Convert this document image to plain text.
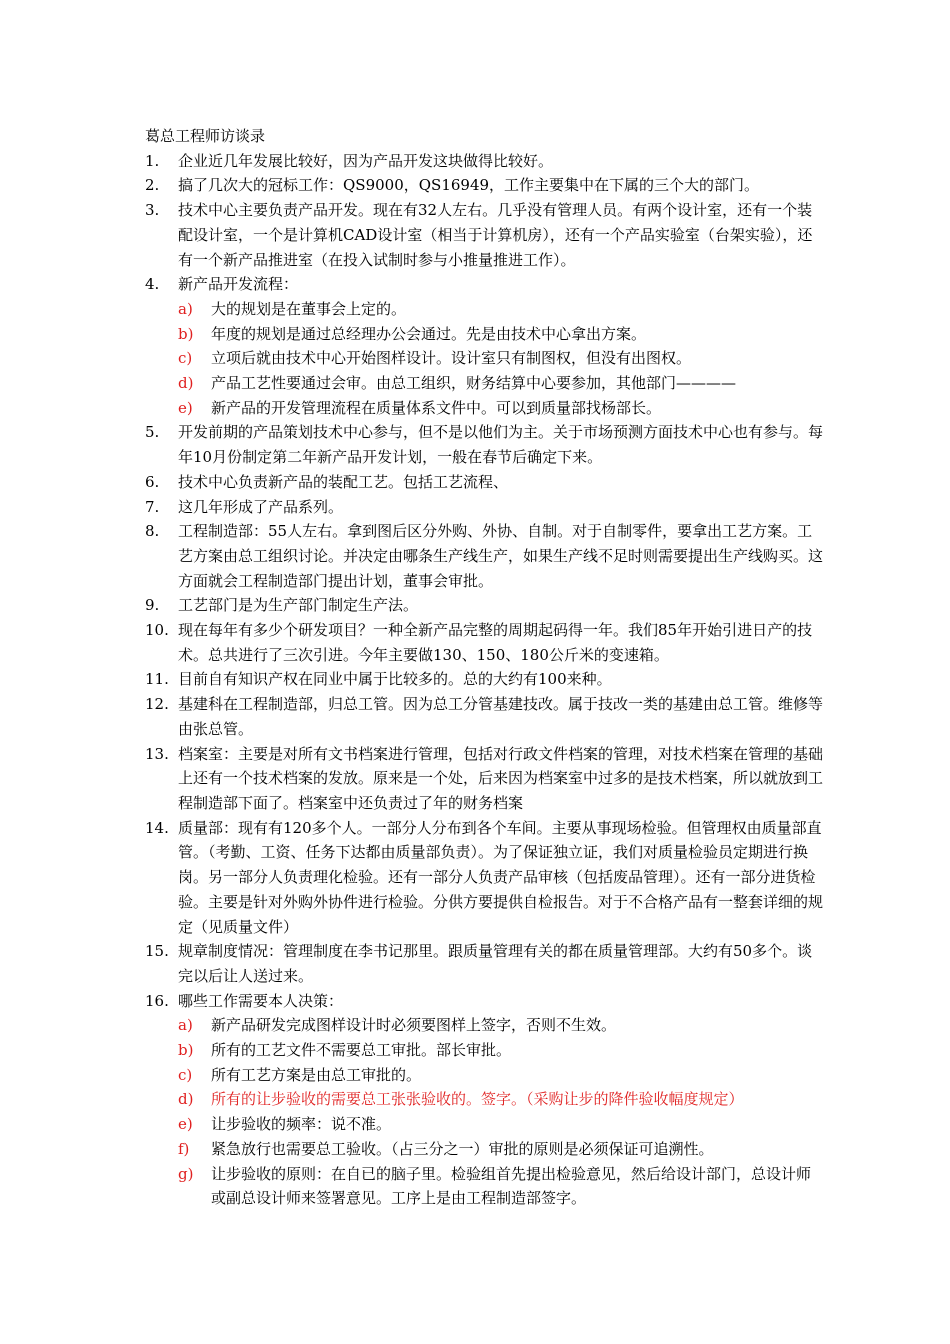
葛总工程师访谈录

1. 企业近几年发展比较好，因为产品开发这块做得比较好。
2. 搞了几次大的冠标工作：QS9000，QS16949，工作主要集中在下属的三个大的部门。
3. 技术中心主要负责产品开发。现在有32人左右。几乎没有管理人员。有两个设计室，还有一个装配设计室，一个是计算机CAD设计室（相当于计算机房），还有一个产品实验室（台架实验），还有一个新产品推进室（在投入试制时参与小推量推进工作）。
4. 新产品开发流程：
a) 大的规划是在董事会上定的。
b) 年度的规划是通过总经理办公会通过。先是由技术中心拿出方案。
c) 立项后就由技术中心开始图样设计。设计室只有制图权，但没有出图权。
d) 产品工艺性要通过会审。由总工组织，财务结算中心要参加，其他部门————
e) 新产品的开发管理流程在质量体系文件中。可以到质量部找杨部长。
5. 开发前期的产品策划技术中心参与，但不是以他们为主。关于市场预测方面技术中心也有参与。每年10月份制定第二年新产品开发计划，一般在春节后确定下来。
6. 技术中心负责新产品的装配工艺。包括工艺流程、
7. 这几年形成了产品系列。
8. 工程制造部：55人左右。拿到图后区分外购、外协、自制。对于自制零件，要拿出工艺方案。工艺方案由总工组织讨论。并决定由哪条生产线生产，如果生产线不足时则需要提出生产线购买。这方面就会工程制造部门提出计划，董事会审批。
9. 工艺部门是为生产部门制定生产法。
10. 现在每年有多少个研发项目？一种全新产品完整的周期起码得一年。我们85年开始引进日产的技术。总共进行了三次引进。今年主要做130、150、180公斤米的变速箱。
11. 目前自有知识产权在同业中属于比较多的。总的大约有100来种。
12. 基建科在工程制造部，归总工管。因为总工分管基建技改。属于技改一类的基建由总工管。维修等由张总管。
13. 档案室：主要是对所有文书档案进行管理，包括对行政文件档案的管理，对技术档案在管理的基础上还有一个技术档案的发放。原来是一个处，后来因为档案室中过多的是技术档案，所以就放到工程制造部下面了。档案室中还负责过了年的财务档案
14. 质量部：现有有120多个人。一部分人分布到各个车间。主要从事现场检验。但管理权由质量部直管。（考勤、工资、任务下达都由质量部负责）。为了保证独立证，我们对质量检验员定期进行换岗。另一部分人负责理化检验。还有一部分人负责产品审核（包括废品管理）。还有一部分进货检验。主要是针对外购外协件进行检验。分供方要提供自检报告。对于不合格产品有一整套详细的规定（见质量文件）
15. 规章制度情况：管理制度在李书记那里。跟质量管理有关的都在质量管理部。大约有50多个。谈完以后让人送过来。
16. 哪些工作需要本人决策：
a) 新产品研发完成图样设计时必须要图样上签字，否则不生效。
b) 所有的工艺文件不需要总工审批。部长审批。
c) 所有工艺方案是由总工审批的。
d) 所有的让步验收的需要总工张张验收的。签字。（采购让步的降件验收幅度规定）
e) 让步验收的频率：说不准。
f) 紧急放行也需要总工验收。（占三分之一）审批的原则是必须保证可追溯性。
g) 让步验收的原则：在自已的脑子里。检验组首先提出检验意见，然后给设计部门，总设计师或副总设计师来签署意见。工序上是由工程制造部签字。
